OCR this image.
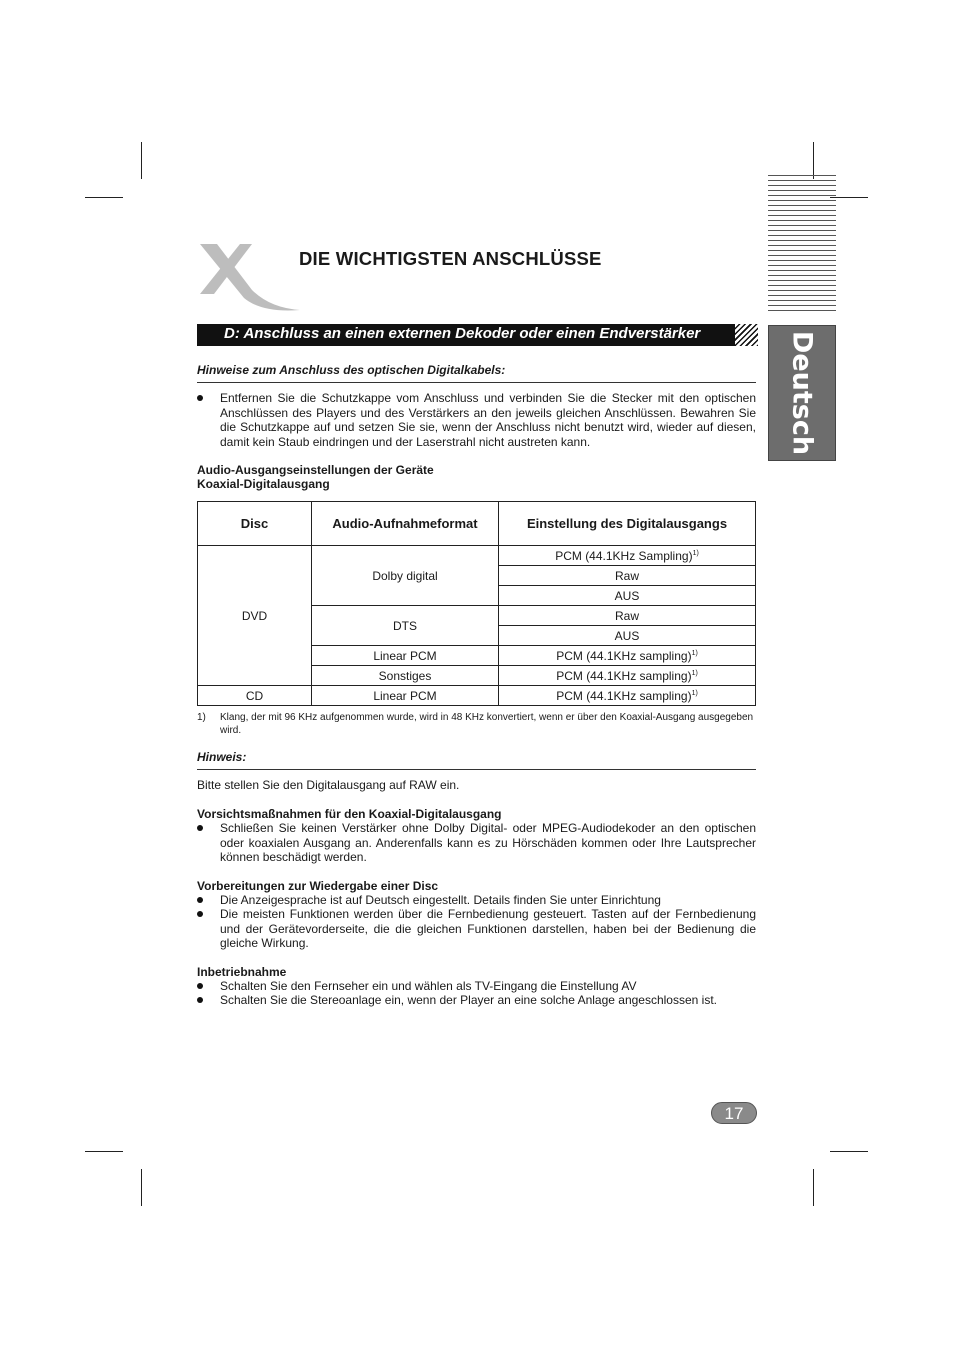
Deutsch
DIE WICHTIGSTEN ANSCHLÜSSE
D: Anschluss an einen externen Dekoder oder einen Endverstärker
Hinweise zum Anschluss des optischen Digitalkabels:
Entfernen Sie die Schutzkappe vom Anschluss und verbinden Sie die Stecker mit den optischen Anschlüssen des Players und des Verstärkers an den jeweils gleichen Anschlüssen. Bewahren Sie die Schutzkappe auf und setzen Sie sie, wenn der Anschluss nicht benutzt wird, wieder auf diesen, damit kein Staub eindringen und der Laserstrahl nicht austreten kann.
Audio-Ausgangseinstellungen der Geräte
Koaxial-Digitalausgang
Disc	Audio-Aufnahmeformat	Einstellung des Digitalausgangs
DVD	Dolby digital	PCM (44.1KHz Sampling)$^{1)}$
		Raw
		AUS
	DTS	Raw
		AUS
	Linear PCM	PCM (44.1KHz sampling)$^{1)}$
	Sonstiges	PCM (44.1KHz sampling)$^{1)}$
CD	Linear PCM	PCM (44.1KHz sampling)$^{1)}$
1) Klang, der mit 96 KHz aufgenommen wurde, wird in 48 KHz konvertiert, wenn er über den Koaxial-Ausgang ausgegeben wird.
Hinweis:
Bitte stellen Sie den Digitalausgang auf RAW ein.
Vorsichtsmaßnahmen für den Koaxial-Digitalausgang
Schließen Sie keinen Verstärker ohne Dolby Digital- oder MPEG-Audiodekoder an den optischen oder koaxialen Ausgang an. Anderenfalls kann es zu Hörschäden kommen oder Ihre Lautsprecher können beschädigt werden.
Vorbereitungen zur Wiedergabe einer Disc
Die Anzeigesprache ist auf Deutsch eingestellt. Details finden Sie unter Einrichtung
Die meisten Funktionen werden über die Fernbedienung gesteuert. Tasten auf der Fernbedienung und der Gerätevorderseite, die die gleichen Funktionen darstellen, haben bei der Bedienung die gleiche Wirkung.
Inbetriebnahme
Schalten Sie den Fernseher ein und wählen als TV-Eingang die Einstellung AV
Schalten Sie die Stereoanlage ein, wenn der Player an eine solche Anlage angeschlossen ist.
17
